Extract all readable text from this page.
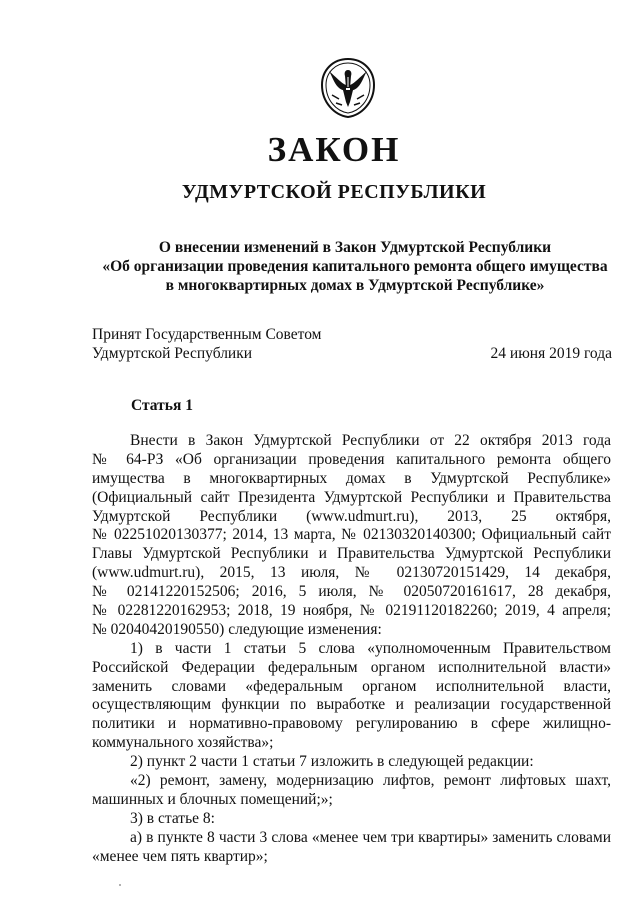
ЗАКОН
УДМУРТСКОЙ РЕСПУБЛИКИ
О внесении изменений в Закон Удмуртской Республики
«Об организации проведения капитального ремонта общего имущества
в многоквартирных домах в Удмуртской Республике»
Принят Государственным Советом
Удмуртской Республики	24 июня 2019 года
Статья 1
Внести в Закон Удмуртской Республики от 22 октября 2013 года
№ 64-РЗ «Об организации проведения капитального ремонта общего
имущества в многоквартирных домах в Удмуртской Республике»
(Официальный сайт Президента Удмуртской Республики и Правительства
Удмуртской Республики (www.udmurt.ru), 2013, 25 октября,
№ 02251020130377; 2014, 13 марта, № 02130320140300; Официальный сайт
Главы Удмуртской Республики и Правительства Удмуртской Республики
(www.udmurt.ru), 2015, 13 июля, № 02130720151429, 14 декабря,
№ 02141220152506; 2016, 5 июля, № 02050720161617, 28 декабря,
№ 02281220162953; 2018, 19 ноября, № 02191120182260; 2019, 4 апреля;
№ 02040420190550) следующие изменения:
1) в части 1 статьи 5 слова «уполномоченным Правительством
Российской Федерации федеральным органом исполнительной власти»
заменить словами «федеральным органом исполнительной власти,
осуществляющим функции по выработке и реализации государственной
политики и нормативно-правовому регулированию в сфере жилищно-
коммунального хозяйства»;
2) пункт 2 части 1 статьи 7 изложить в следующей редакции:
«2) ремонт, замену, модернизацию лифтов, ремонт лифтовых шахт,
машинных и блочных помещений;»;
3) в статье 8:
а) в пункте 8 части 3 слова «менее чем три квартиры» заменить словами
«менее чем пять квартир»;
